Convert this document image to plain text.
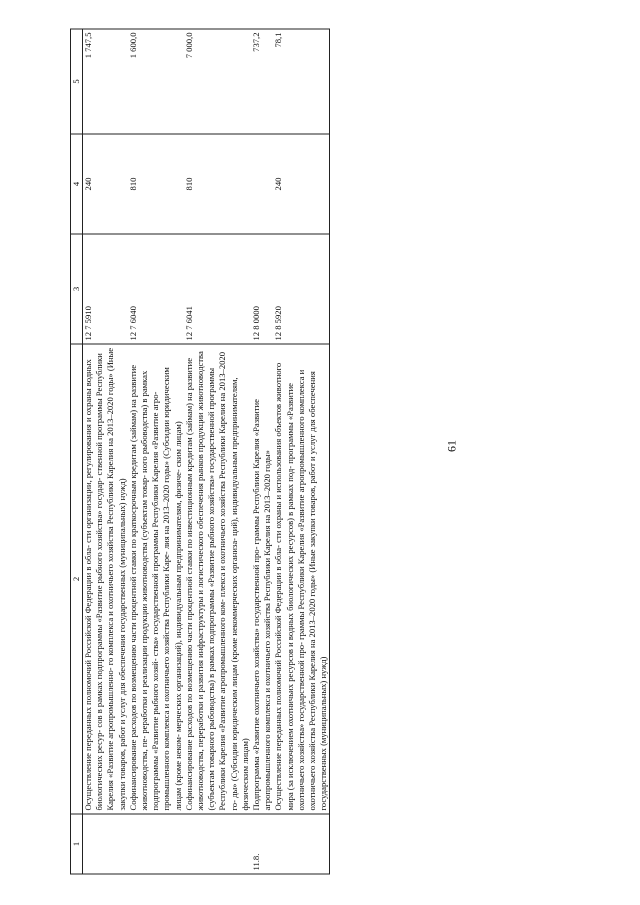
61
1	2	3	4	5
	Осуществление переданных полномочий Российской Федерации в обла- сти организации, регулирования и охраны водных биологических ресур- сов в рамках подпрограммы «Развитие рыбного хозяйства» государ- ственной программы Республики Карелия «Развитие агропромышленно- го комплекса и охотничьего хозяйства Республики Карелия на 2013–2020 годы» (Иные закупки товаров, работ и услуг для обеспечения государственных (муниципальных) нужд)	12 7 5910	240	1 747,5
	Софинансирование расходов по возмещению части процентной ставки по краткосрочным кредитам (займам) на развитие животноводства, пе- реработки и реализации продукции животноводства (субъектам товар- ного рыбоводства) в рамках подпрограммы «Развитие рыбного хозяй- ства» государственной программы Республики Карелия «Развитие агро- промышленного комплекса и охотничьего хозяйства Республики Каре- лия на 2013–2020 годы» (Субсидии юридическим лицам (кроме неком- мерческих организаций), индивидуальным предпринимателям, физиче- ским лицам)	12 7 6040	810	1 600,0
	Софинансирование расходов по возмещению части процентной ставки по инвестиционным кредитам (займам) на развитие животноводства, переработки и развития инфраструктуры и логистического обеспечения рынков продукции животноводства (субъектам товарного рыбоводства) в рамках подпрограммы «Развитие рыбного хозяйства» государственной программы Республики Карелия «Развитие агропромышленного ком- плекса и охотничьего хозяйства Республики Карелия на 2013–2020 го- ды» (Субсидии юридическим лицам (кроме некоммерческих организа- ций), индивидуальным предпринимателям, физическим лицам)	12 7 6041	810	7 000,0
11.8.	Подпрограмма «Развитие охотничьего хозяйства» государственной про- граммы Республики Карелия «Развитие агропромышленного комплекса и охотничьего хозяйства Республики Карелия на 2013–2020 годы»	12 8 0000		737,2
	Осуществление переданных полномочий Российской Федерации в обла- сти охраны и использования объектов животного мира (за исключением охотничьих ресурсов и водных биологических ресурсов) в рамках под- программы «Развитие охотничьего хозяйства» государственной про- граммы Республики Карелия «Развитие агропромышленного комплекса и охотничьего хозяйства Республики Карелия на 2013–2020 годы» (Иные закупки товаров, работ и услуг для обеспечения государственных (муниципальных) нужд)	12 8 5920	240	78,1
